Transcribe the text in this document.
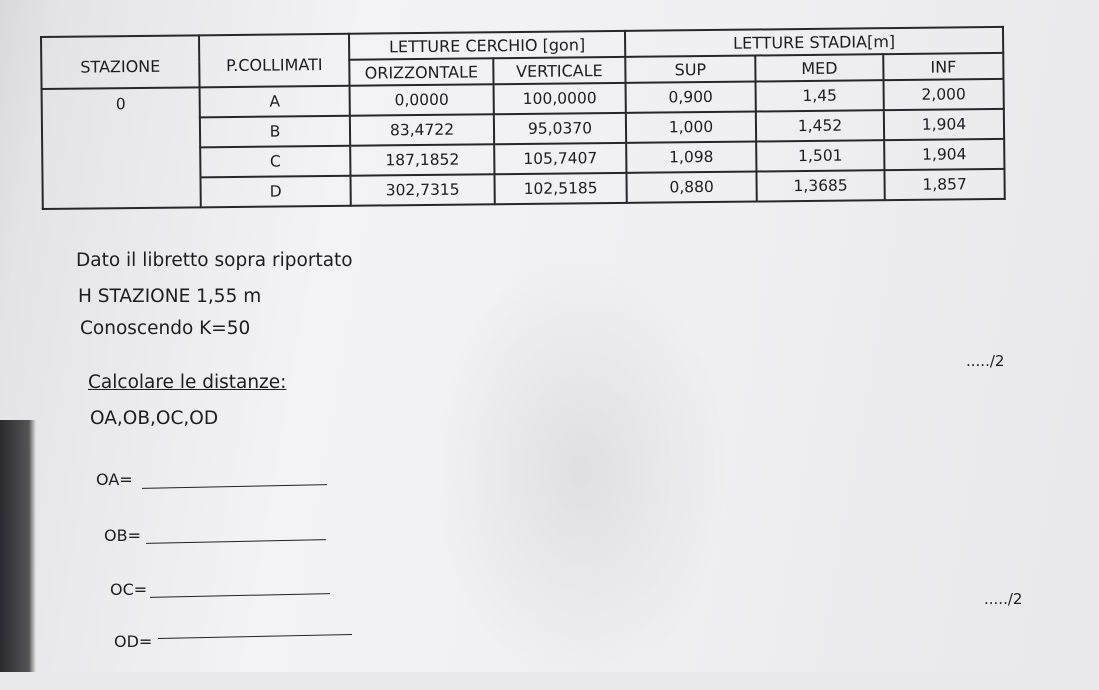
STAZIONE	P.COLLIMATI	LETTURE CERCHIO [gon]		LETTURE STADIA[m]		
		ORIZZONTALE	VERTICALE	SUP	MED	INF
0	A	0,0000	100,0000	0,900	1,45	2,000
	B	83,4722	95,0370	1,000	1,452	1,904
	C	187,1852	105,7407	1,098	1,501	1,904
	D	302,7315	102,5185	0,880	1,3685	1,857
Dato il libretto sopra riportato
H STAZIONE 1,55 m
Conoscendo K=50
Calcolare le distanze:
OA,OB,OC,OD
OA=
OB=
OC=
OD=
...../2
...../2
